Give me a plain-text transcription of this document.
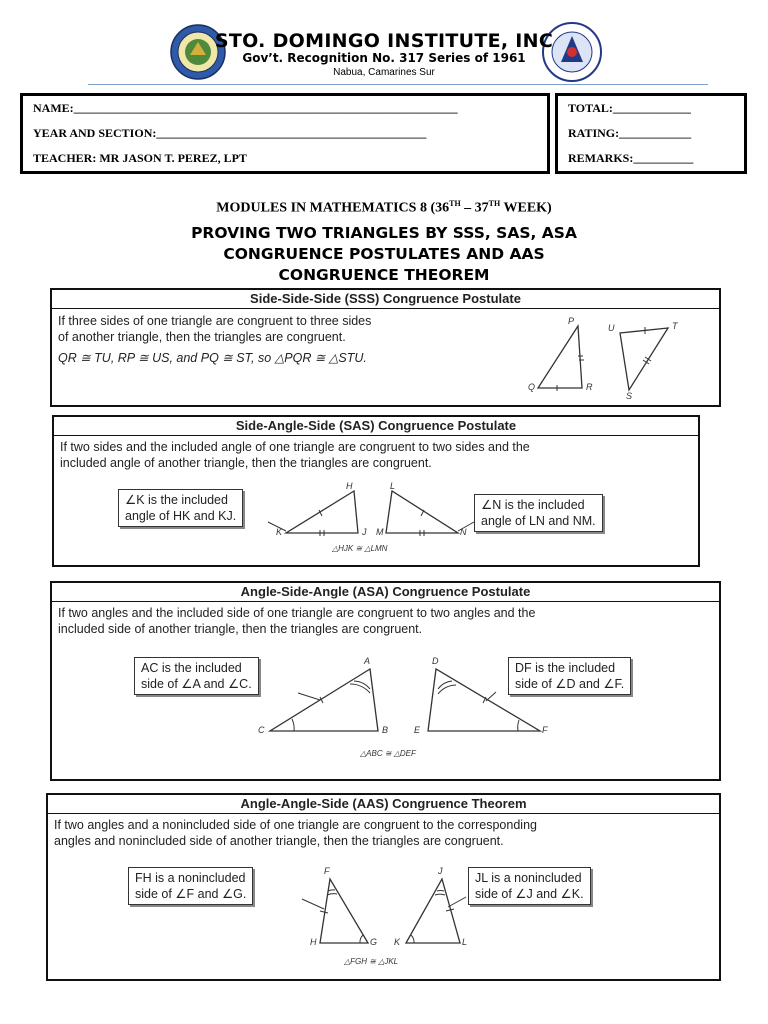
STO. DOMINGO INSTITUTE, INC
Gov’t. Recognition No. 317 Series of 1961
Nabua, Camarines Sur
NAME:________________________________________________________________
YEAR AND SECTION:_____________________________________________
TEACHER: MR JASON T. PEREZ, LPT
TOTAL:_____________
RATING:____________
REMARKS:__________
MODULES IN MATHEMATICS 8 (36TH – 37TH WEEK)
PROVING TWO TRIANGLES BY SSS, SAS, ASA
CONGRUENCE POSTULATES AND AAS
CONGRUENCE THEOREM
Side-Side-Side (SSS) Congruence Postulate
If three sides of one triangle are congruent to three sides
of another triangle, then the triangles are congruent.
QR ≅ TU, RP ≅ US, and PQ ≅ ST, so △PQR ≅ △STU.
P
Q	R
U	T
S
Side-Angle-Side (SAS) Congruence Postulate
If two sides and the included angle of one triangle are congruent to two sides and the
included angle of another triangle, then the triangles are congruent.
∠K is the included
angle of HK and KJ.
∠N is the included
angle of LN and NM.
H
K	J M
L
N
△HJK ≅ △LMN
Angle-Side-Angle (ASA) Congruence Postulate
If two angles and the included side of one triangle are congruent to two angles and the
included side of another triangle, then the triangles are congruent.
AC is the included
side of ∠A and ∠C.
DF is the included
side of ∠D and ∠F.
A
C	B
D
E	F
△ABC ≅ △DEF
Angle-Angle-Side (AAS) Congruence Theorem
If two angles and a nonincluded side of one triangle are congruent to the corresponding
angles and nonincluded side of another triangle, then the triangles are congruent.
FH is a nonincluded
side of ∠F and ∠G.
JL is a nonincluded
side of ∠J and ∠K.
F
H	G
J
K	L
△FGH ≅ △JKL
